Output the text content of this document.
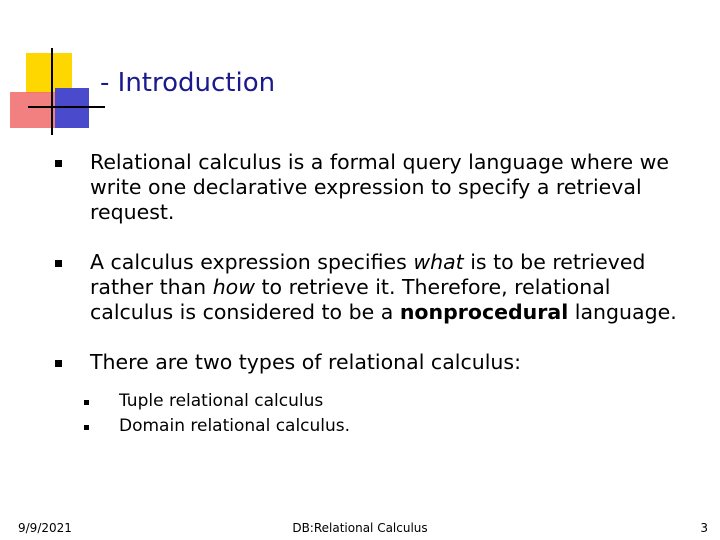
- Introduction
Relational calculus is a formal query language where we write one declarative expression to specify a retrieval request.
A calculus expression specifies what is to be retrieved rather than how to retrieve it. Therefore, relational calculus is considered to be a nonprocedural language.
There are two types of relational calculus:
Tuple relational calculus
Domain relational calculus.
9/9/2021	DB:Relational Calculus	3
